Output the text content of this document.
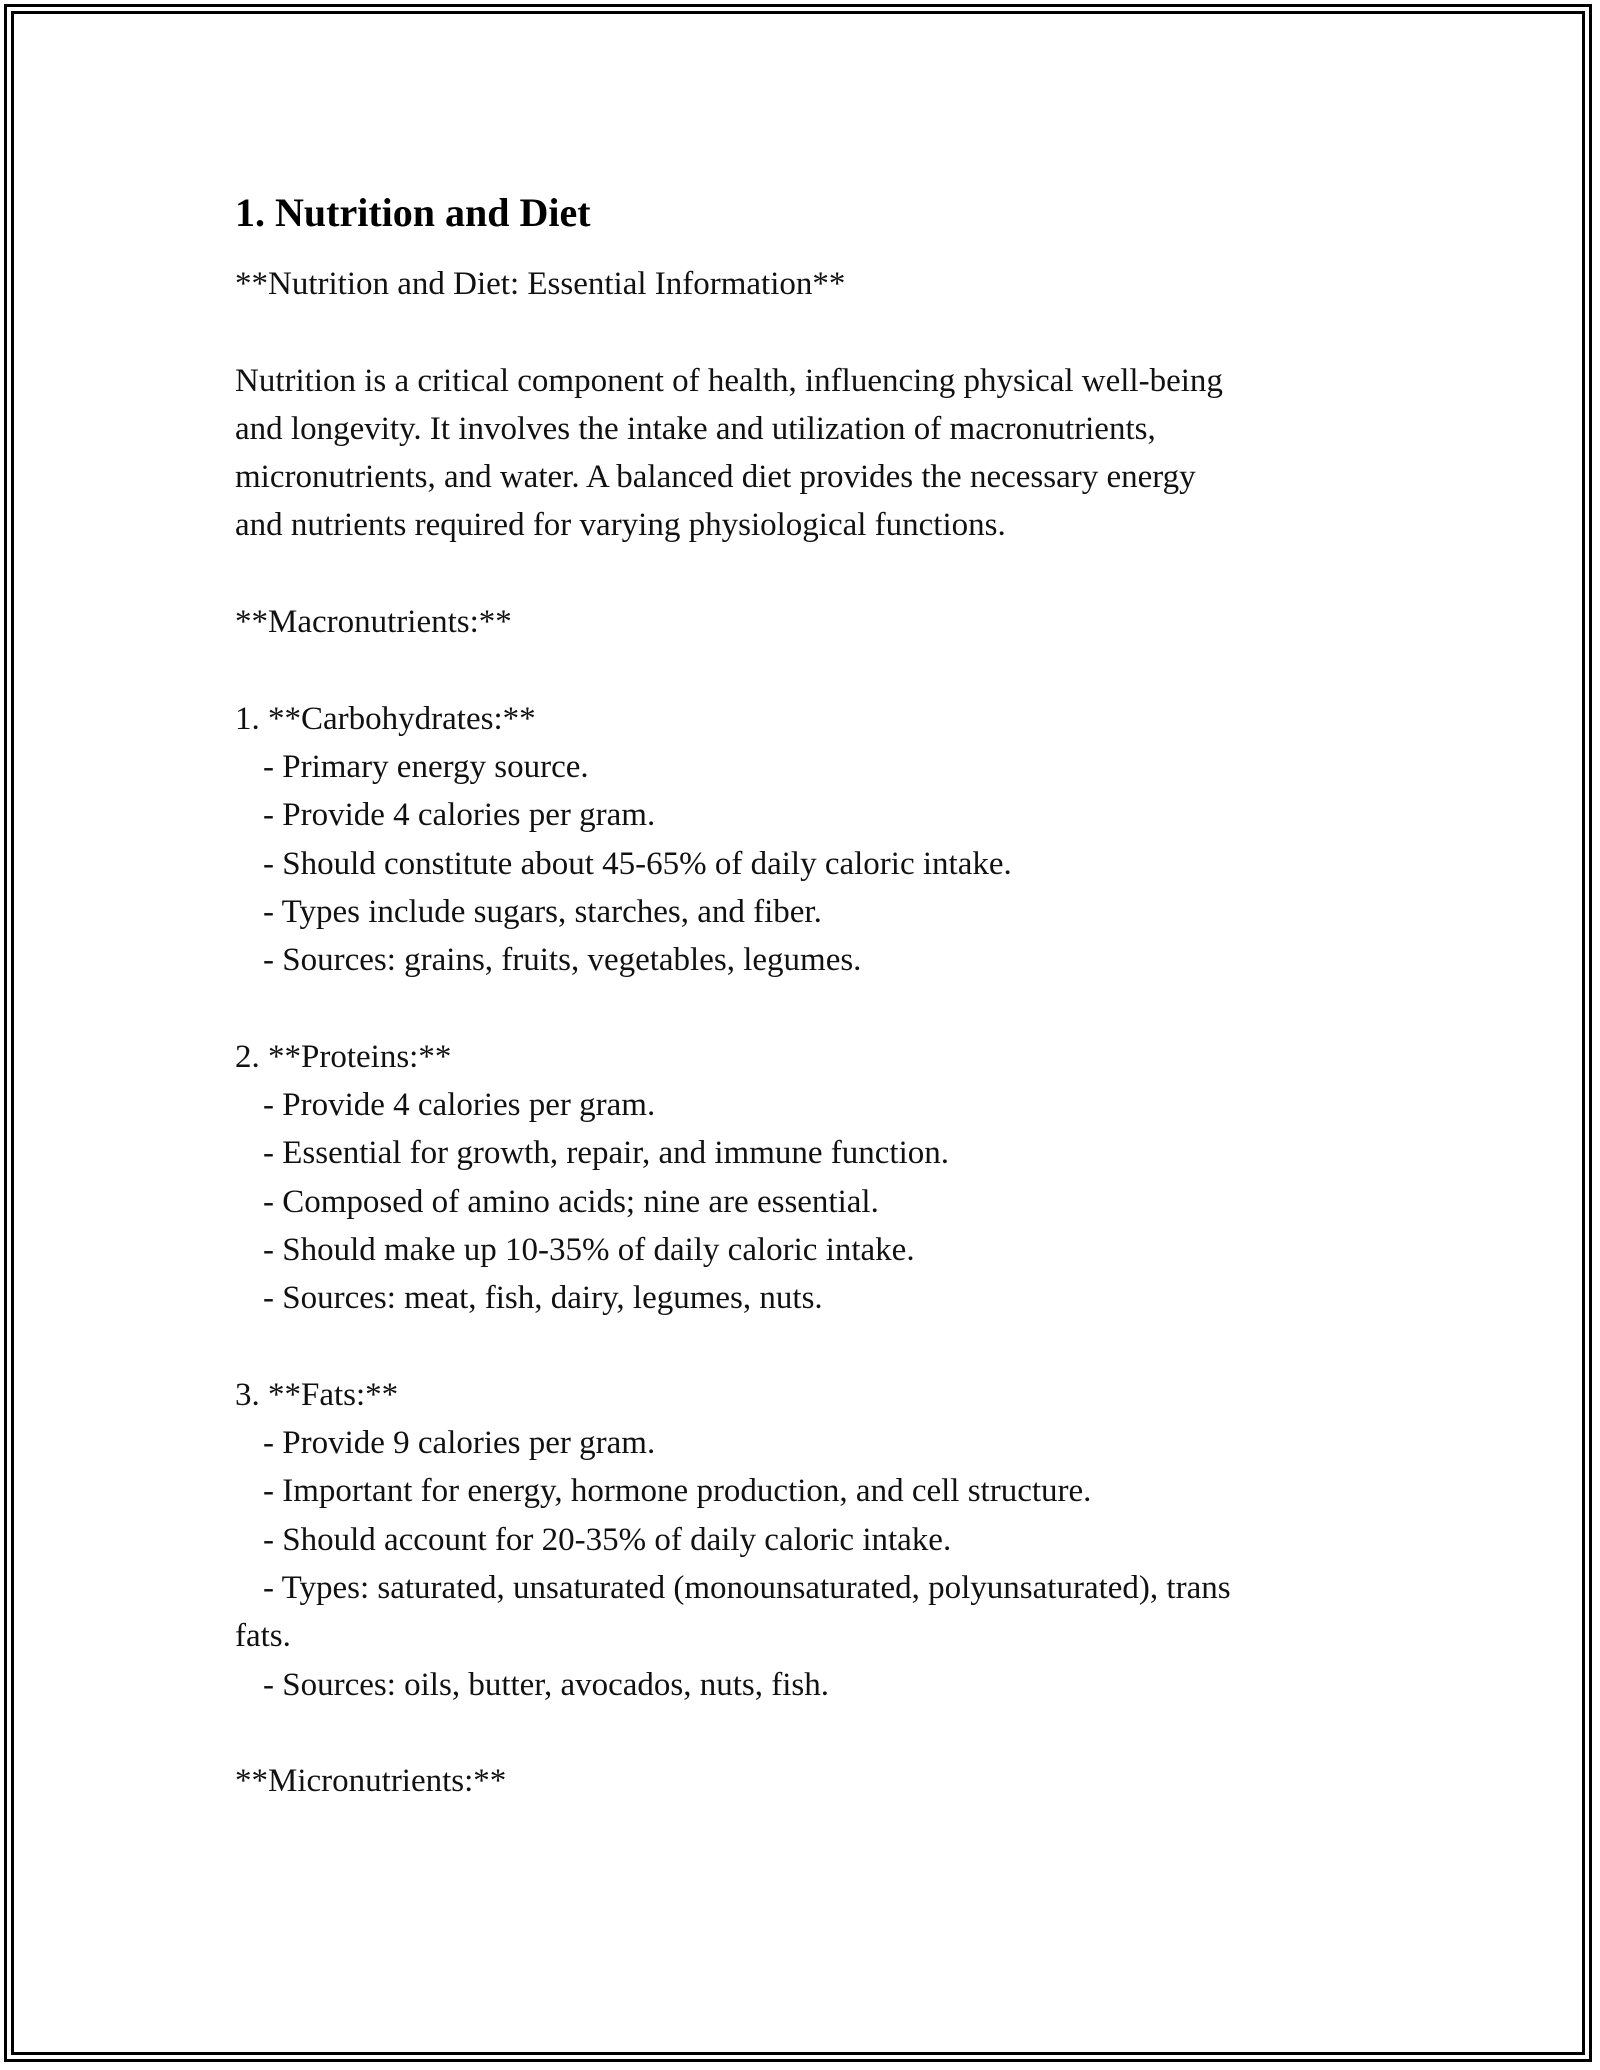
1. Nutrition and Diet

**Nutrition and Diet: Essential Information**

Nutrition is a critical component of health, influencing physical well-being

and longevity. It involves the intake and utilization of macronutrients,

micronutrients, and water. A balanced diet provides the necessary energy

and nutrients required for varying physiological functions.

**Macronutrients:**

1. **Carbohydrates:**

- Primary energy source.

- Provide 4 calories per gram.

- Should constitute about 45-65% of daily caloric intake.

- Types include sugars, starches, and fiber.

- Sources: grains, fruits, vegetables, legumes.

2. **Proteins:**

- Provide 4 calories per gram.

- Essential for growth, repair, and immune function.

- Composed of amino acids; nine are essential.

- Should make up 10-35% of daily caloric intake.

- Sources: meat, fish, dairy, legumes, nuts.

3. **Fats:**

- Provide 9 calories per gram.

- Important for energy, hormone production, and cell structure.

- Should account for 20-35% of daily caloric intake.

- Types: saturated, unsaturated (monounsaturated, polyunsaturated), trans

fats.

- Sources: oils, butter, avocados, nuts, fish.

**Micronutrients:**
